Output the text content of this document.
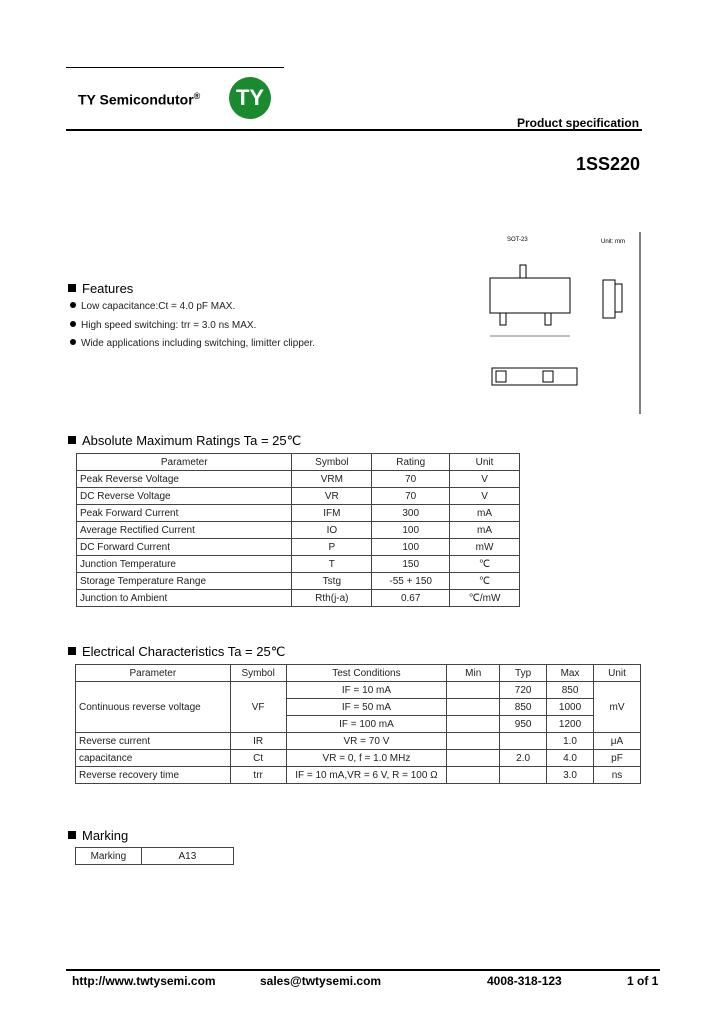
TY Semicondutor®	TY
Product specification
1SS220
SOT-23	Unit: mm
Features
Low capacitance:Ct = 4.0 pF MAX.
High speed switching: trr = 3.0 ns MAX.
Wide applications including switching, limitter clipper.
Absolute Maximum Ratings Ta = 25℃
Parameter	Symbol	Rating	Unit
Peak Reverse Voltage	VRM	70	V
DC Reverse Voltage	VR	70	V
Peak Forward Current	IFM	300	mA
Average Rectified Current	IO	100	mA
DC Forward Current	P	100	mW
Junction Temperature	T	150	℃
Storage Temperature Range	Tstg	-55 + 150	℃
Junction to Ambient	Rth(j-a)	0.67	℃/mW
Electrical Characteristics Ta = 25℃
Parameter	Symbol	Test Conditions	Min	Typ	Max	Unit
Continuous reverse voltage	VF	IF = 10 mA		720	850	mV
		IF = 50 mA		850	1000	
		IF = 100 mA		950	1200	
Reverse current	IR	VR = 70 V			1.0	μA
capacitance	Ct	VR = 0, f = 1.0 MHz		2.0	4.0	pF
Reverse recovery time	trr	IF = 10 mA,VR = 6 V, R = 100 Ω			3.0	ns
Marking
Marking	A13
http://www.twtysemi.com	sales@twtysemi.com	4008-318-123	1 of 1
